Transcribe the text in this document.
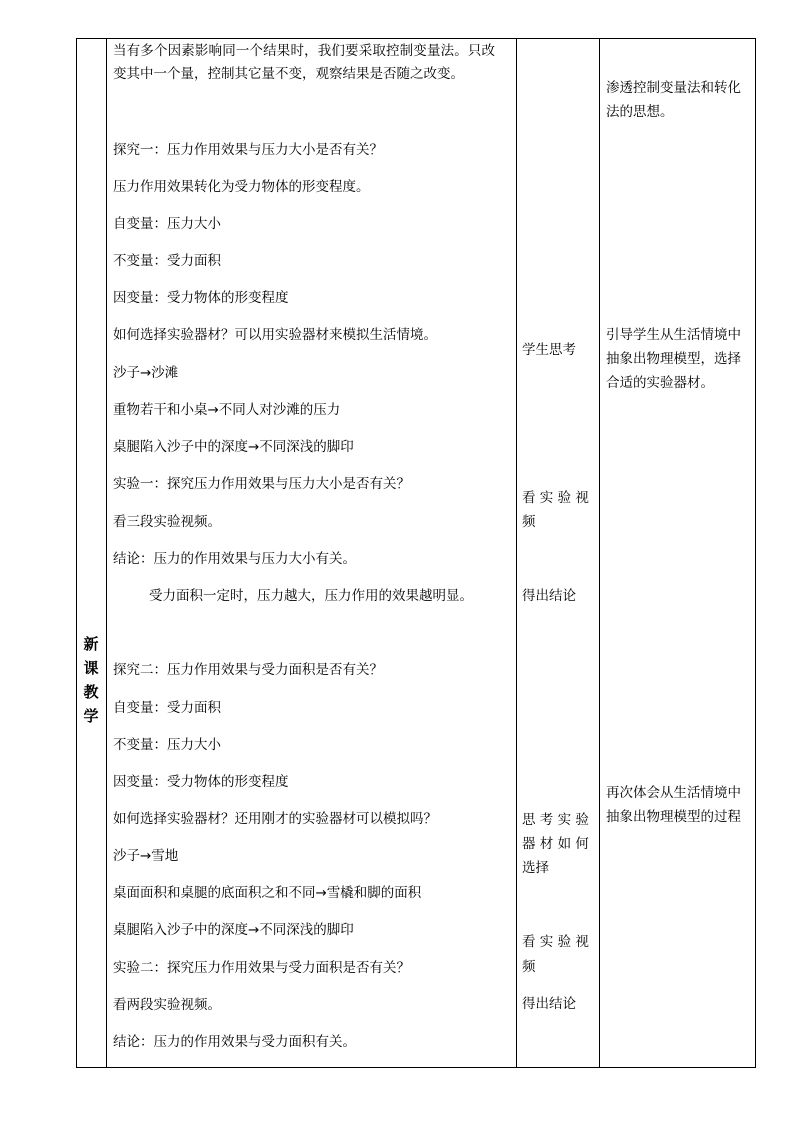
新
课
教
学
当有多个因素影响同一个结果时，我们要采取控制变量法。只改
变其中一个量，控制其它量不变，观察结果是否随之改变。
探究一：压力作用效果与压力大小是否有关？
压力作用效果转化为受力物体的形变程度。
自变量：压力大小
不变量：受力面积
因变量：受力物体的形变程度
如何选择实验器材？可以用实验器材来模拟生活情境。
沙子→沙滩
重物若干和小桌→不同人对沙滩的压力
桌腿陷入沙子中的深度→不同深浅的脚印
实验一：探究压力作用效果与压力大小是否有关？
看三段实验视频。
结论：压力的作用效果与压力大小有关。
受力面积一定时，压力越大，压力作用的效果越明显。
探究二：压力作用效果与受力面积是否有关？
自变量：受力面积
不变量：压力大小
因变量：受力物体的形变程度
如何选择实验器材？还用刚才的实验器材可以模拟吗？
沙子→雪地
桌面面积和桌腿的底面积之和不同→雪橇和脚的面积
桌腿陷入沙子中的深度→不同深浅的脚印
实验二：探究压力作用效果与受力面积是否有关？
看两段实验视频。
结论：压力的作用效果与受力面积有关。
学生思考
看 实 验 视
频
得出结论
思 考 实 验
器 材 如 何
选择
看 实 验 视
频
得出结论
渗透控制变量法和转化
法的思想。
引导学生从生活情境中
抽象出物理模型，选择
合适的实验器材。
再次体会从生活情境中
抽象出物理模型的过程
